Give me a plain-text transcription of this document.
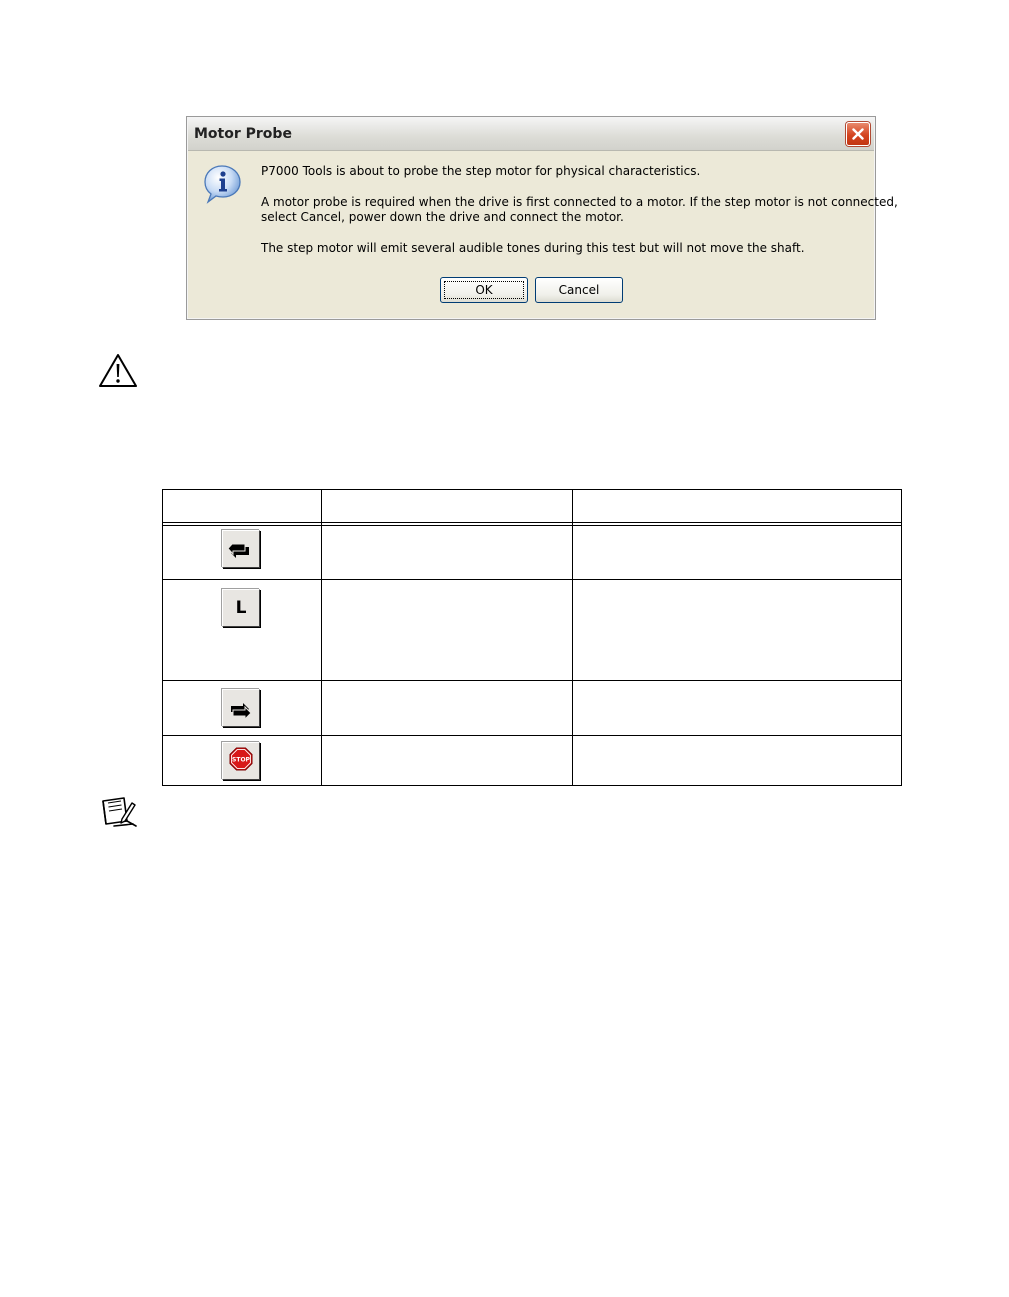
Motor Probe
P7000 Tools is about to probe the step motor for physical characteristics.
A motor probe is required when the drive is first connected to a motor. If the step motor is not connected,
select Cancel, power down the drive and connect the motor.
The step motor will emit several audible tones during this test but will not move the shaft.
OK	Cancel
L
STOP
